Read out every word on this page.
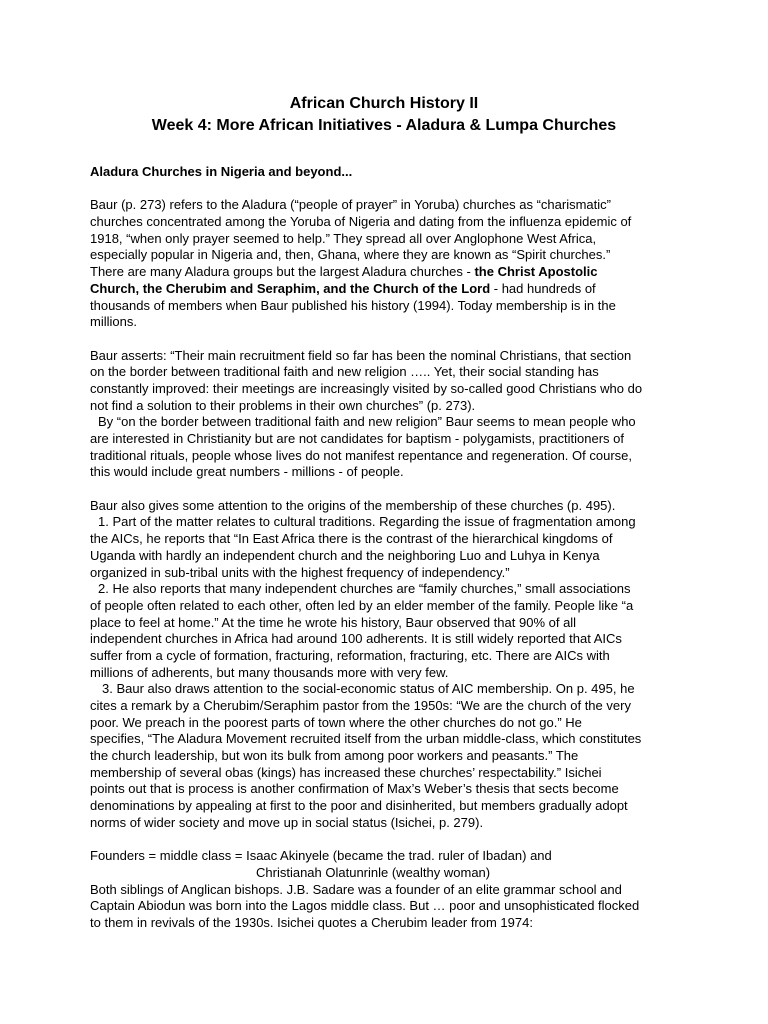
African Church History II
Week 4: More African Initiatives - Aladura & Lumpa Churches
Aladura Churches in Nigeria and beyond...
Baur (p. 273) refers to the Aladura (“people of prayer” in Yoruba) churches as “charismatic”
churches concentrated among the Yoruba of Nigeria and dating from the influenza epidemic of
1918, “when only prayer seemed to help.” They spread all over Anglophone West Africa,
especially popular in Nigeria and, then, Ghana, where they are known as “Spirit churches.”
There are many Aladura groups but the largest Aladura churches - the Christ Apostolic
Church, the Cherubim and Seraphim, and the Church of the Lord - had hundreds of
thousands of members when Baur published his history (1994). Today membership is in the
millions.
Baur asserts: “Their main recruitment field so far has been the nominal Christians, that section
on the border between traditional faith and new religion ….. Yet, their social standing has
constantly improved: their meetings are increasingly visited by so-called good Christians who do
not find a solution to their problems in their own churches” (p. 273).
By “on the border between traditional faith and new religion” Baur seems to mean people who
are interested in Christianity but are not candidates for baptism - polygamists, practitioners of
traditional rituals, people whose lives do not manifest repentance and regeneration. Of course,
this would include great numbers - millions - of people.
Baur also gives some attention to the origins of the membership of these churches (p. 495).
1. Part of the matter relates to cultural traditions. Regarding the issue of fragmentation among
the AICs, he reports that “In East Africa there is the contrast of the hierarchical kingdoms of
Uganda with hardly an independent church and the neighboring Luo and Luhya in Kenya
organized in sub-tribal units with the highest frequency of independency.”
2. He also reports that many independent churches are “family churches,” small associations
of people often related to each other, often led by an elder member of the family. People like “a
place to feel at home.” At the time he wrote his history, Baur observed that 90% of all
independent churches in Africa had around 100 adherents. It is still widely reported that AICs
suffer from a cycle of formation, fracturing, reformation, fracturing, etc. There are AICs with
millions of adherents, but many thousands more with very few.
3. Baur also draws attention to the social-economic status of AIC membership. On p. 495, he
cites a remark by a Cherubim/Seraphim pastor from the 1950s: “We are the church of the very
poor. We preach in the poorest parts of town where the other churches do not go.” He
specifies, “The Aladura Movement recruited itself from the urban middle-class, which constitutes
the church leadership, but won its bulk from among poor workers and peasants.” The
membership of several obas (kings) has increased these churches’ respectability.” Isichei
points out that is process is another confirmation of Max’s Weber’s thesis that sects become
denominations by appealing at first to the poor and disinherited, but members gradually adopt
norms of wider society and move up in social status (Isichei, p. 279).
Founders = middle class = Isaac Akinyele (became the trad. ruler of Ibadan) and
Christianah Olatunrinle (wealthy woman)
Both siblings of Anglican bishops. J.B. Sadare was a founder of an elite grammar school and
Captain Abiodun was born into the Lagos middle class. But … poor and unsophisticated flocked
to them in revivals of the 1930s. Isichei quotes a Cherubim leader from 1974:
